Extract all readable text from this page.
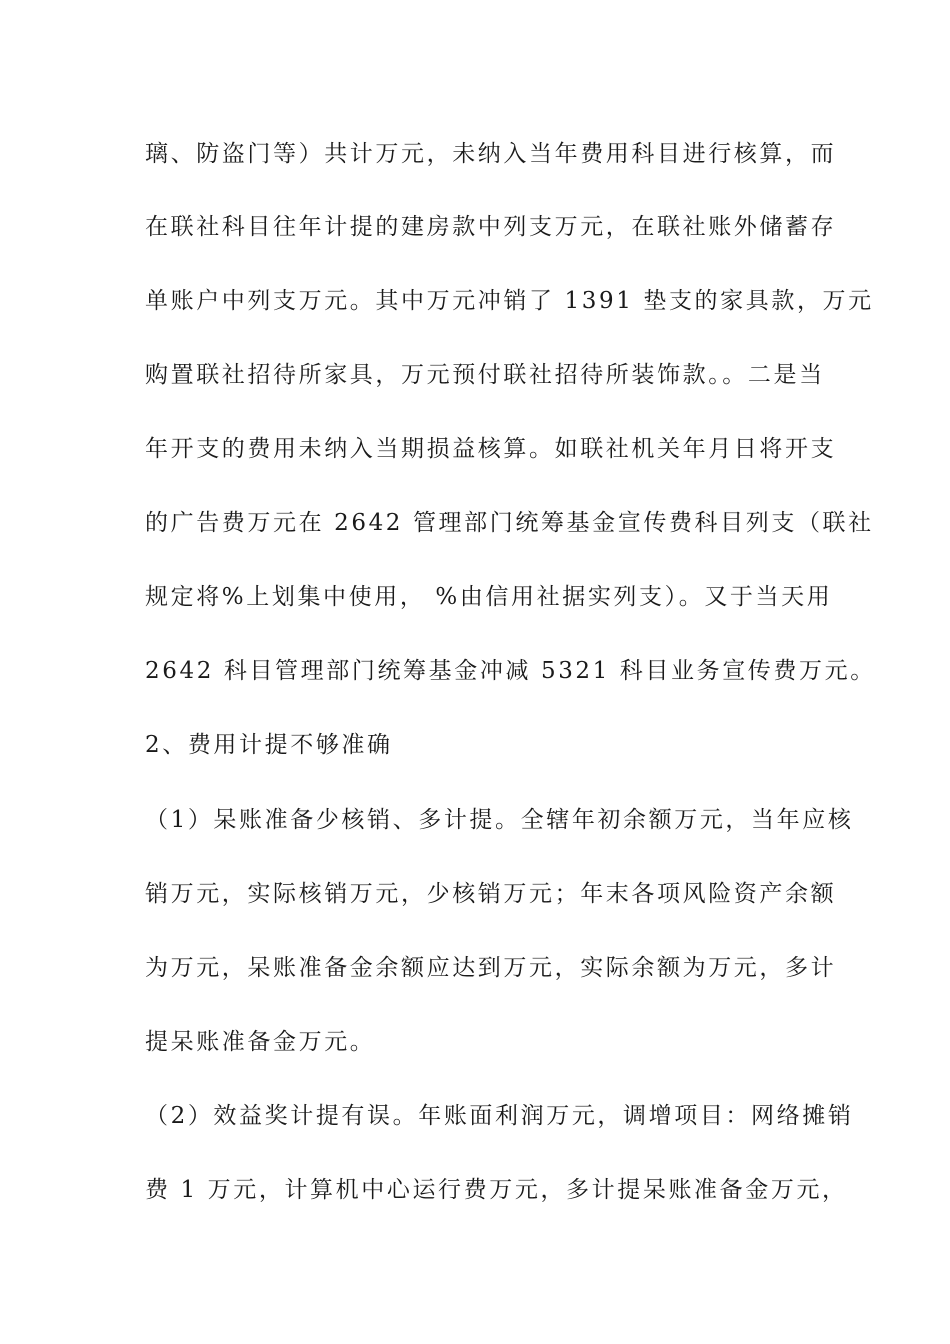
璃、防盗门等）共计万元，未纳入当年费用科目进行核算，而
在联社科目往年计提的建房款中列支万元，在联社账外储蓄存
单账户中列支万元。其中万元冲销了 1391 垫支的家具款，万元
购置联社招待所家具，万元预付联社招待所装饰款。。二是当
年开支的费用未纳入当期损益核算。如联社机关年月日将开支
的广告费万元在 2642 管理部门统筹基金宣传费科目列支（联社
规定将%上划集中使用， %由信用社据实列支）。又于当天用
2642 科目管理部门统筹基金冲减 5321 科目业务宣传费万元。
2、费用计提不够准确
（1）呆账准备少核销、多计提。全辖年初余额万元，当年应核
销万元，实际核销万元，少核销万元；年末各项风险资产余额
为万元，呆账准备金余额应达到万元，实际余额为万元，多计
提呆账准备金万元。
（2）效益奖计提有误。年账面利润万元，调增项目：网络摊销
费 1 万元，计算机中心运行费万元，多计提呆账准备金万元，
